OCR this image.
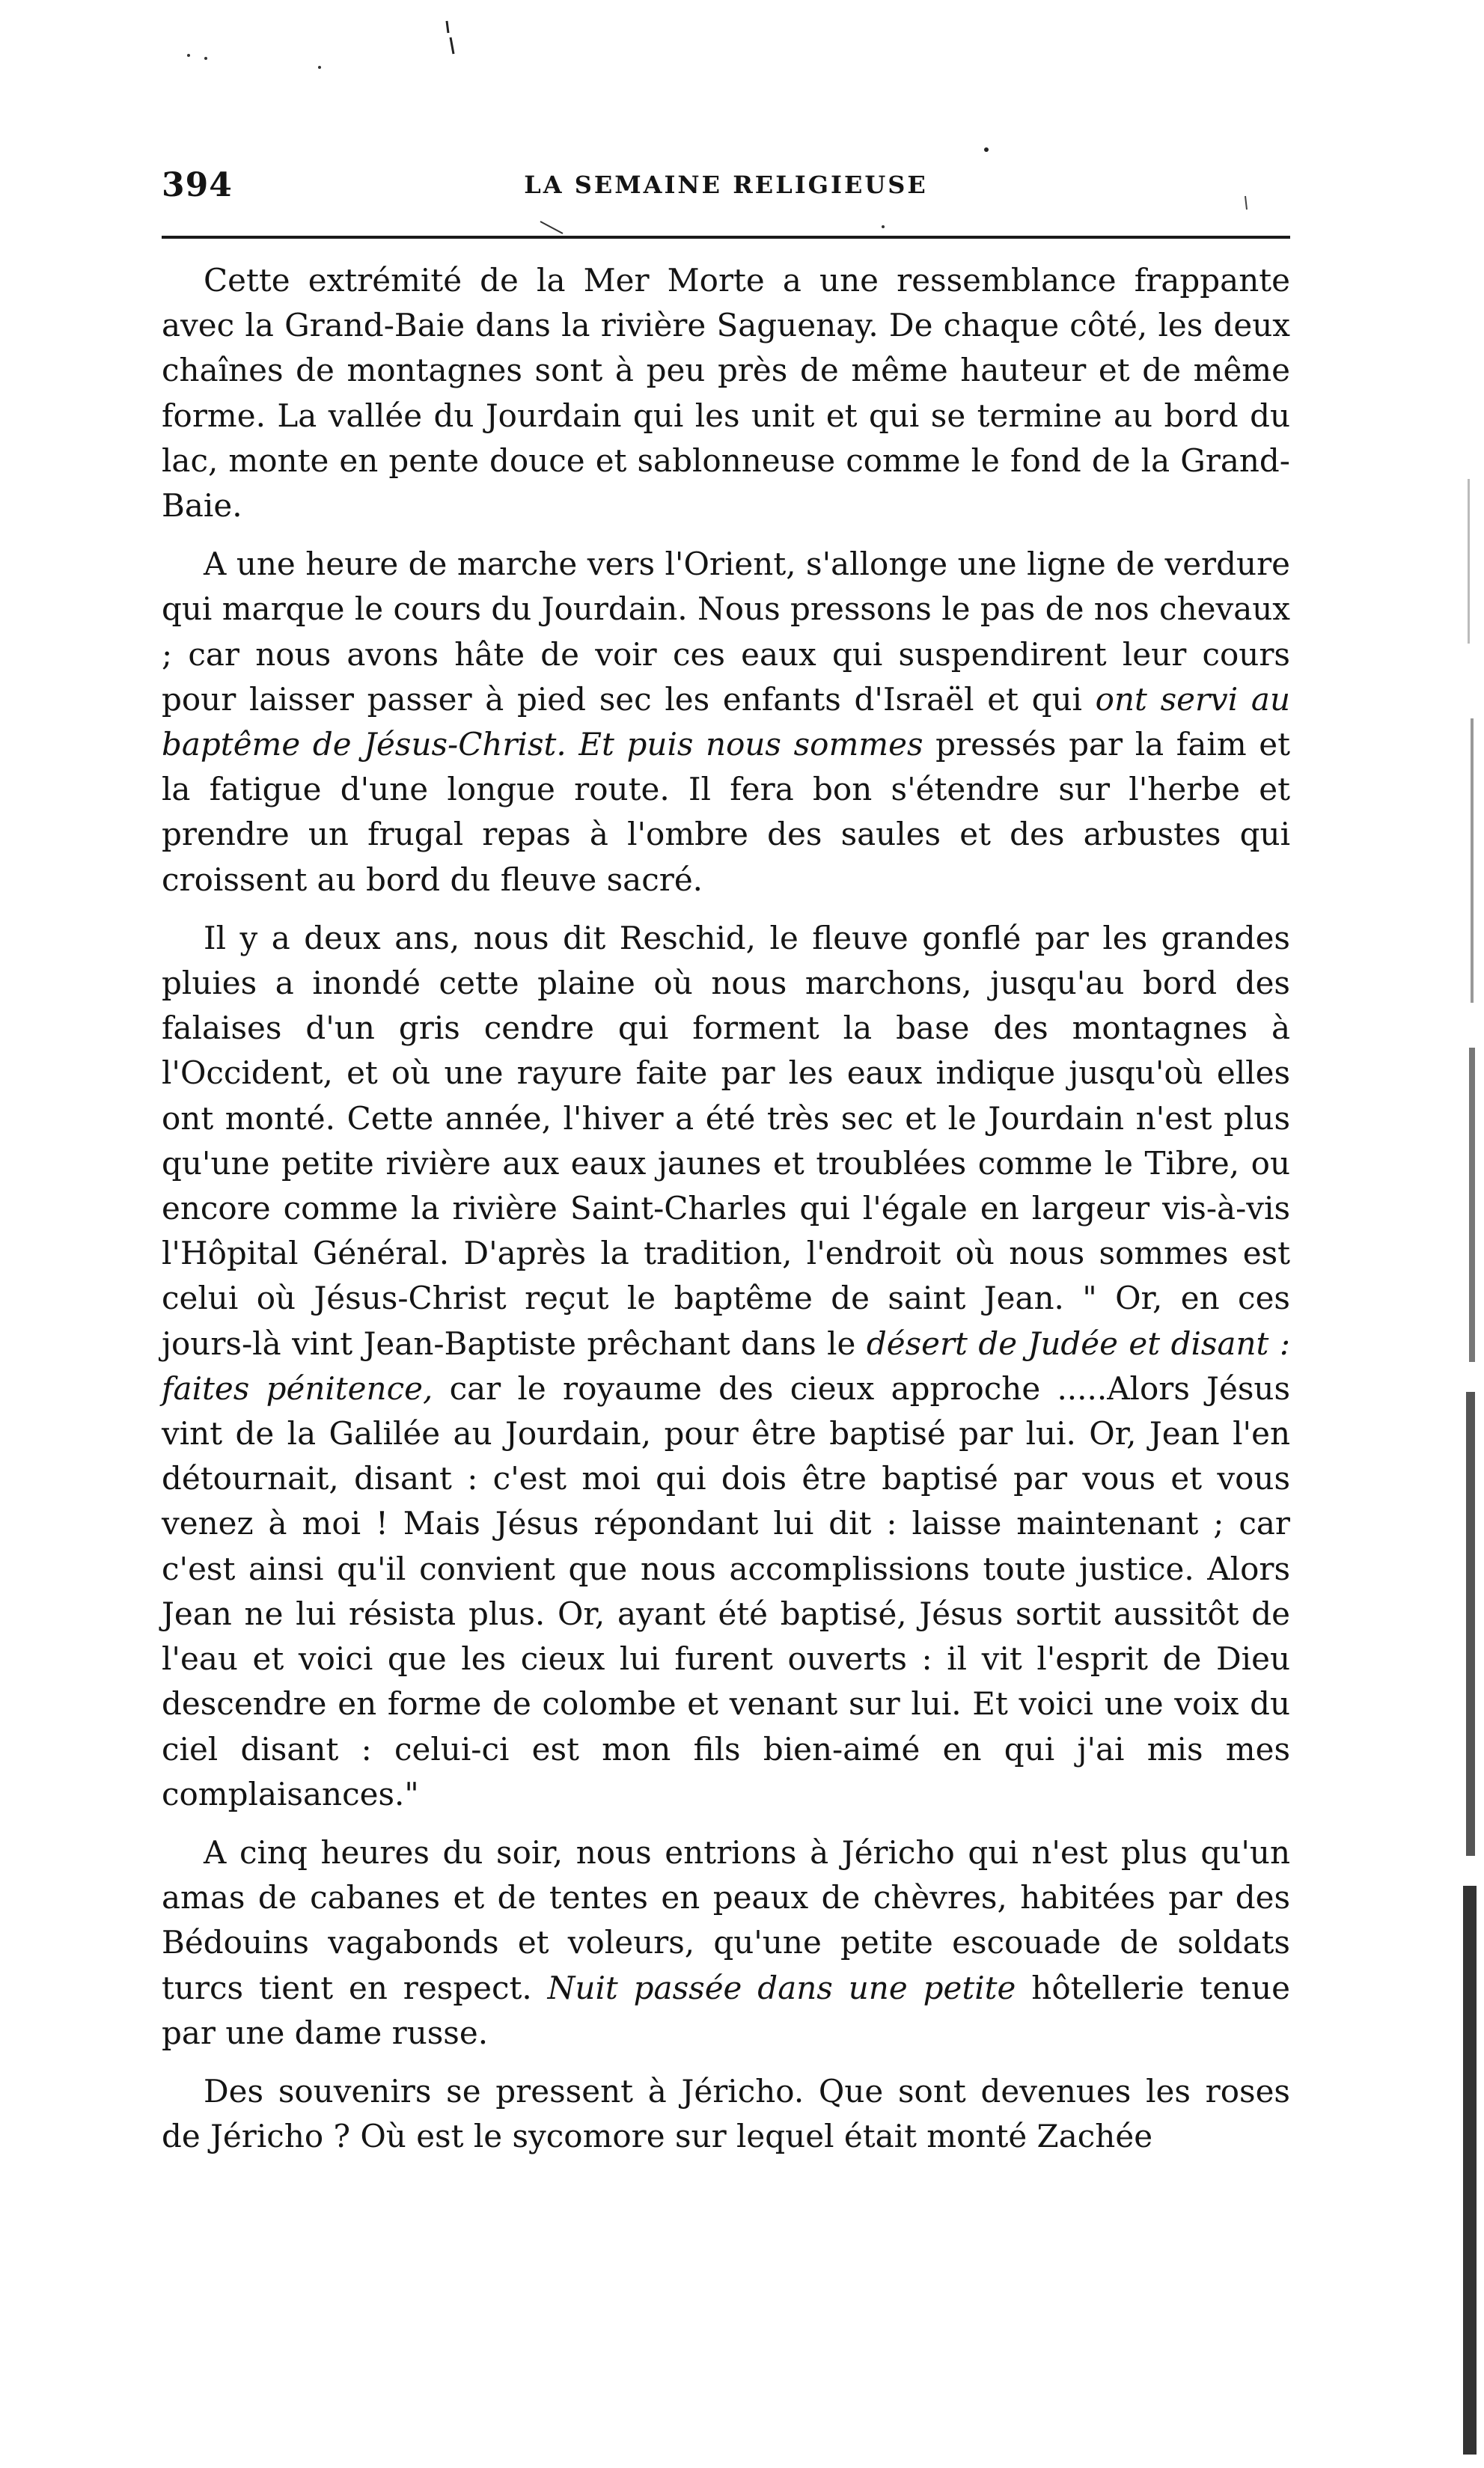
394	LA SEMAINE RELIGIEUSE

Cette extrémité de la Mer Morte a une ressemblance frappante avec la Grand-Baie dans la rivière Saguenay. De chaque côté, les deux chaînes de montagnes sont à peu près de même hauteur et de même forme. La vallée du Jourdain qui les unit et qui se termine au bord du lac, monte en pente douce et sablonneuse comme le fond de la Grand-Baie.

A une heure de marche vers l'Orient, s'allonge une ligne de verdure qui marque le cours du Jourdain. Nous pressons le pas de nos chevaux ; car nous avons hâte de voir ces eaux qui suspendirent leur cours pour laisser passer à pied sec les enfants d'Israël et qui ont servi au baptême de Jésus-Christ. Et puis nous sommes pressés par la faim et la fatigue d'une longue route. Il fera bon s'étendre sur l'herbe et prendre un frugal repas à l'ombre des saules et des arbustes qui croissent au bord du fleuve sacré.

Il y a deux ans, nous dit Reschid, le fleuve gonflé par les grandes pluies a inondé cette plaine où nous marchons, jusqu'au bord des falaises d'un gris cendre qui forment la base des montagnes à l'Occident, et où une rayure faite par les eaux indique jusqu'où elles ont monté. Cette année, l'hiver a été très sec et le Jourdain n'est plus qu'une petite rivière aux eaux jaunes et troublées comme le Tibre, ou encore comme la rivière Saint-Charles qui l'égale en largeur vis-à-vis l'Hôpital Général. D'après la tradition, l'endroit où nous sommes est celui où Jésus-Christ reçut le baptême de saint Jean. " Or, en ces jours-là vint Jean-Baptiste prêchant dans le désert de Judée et disant : faites pénitence, car le royaume des cieux approche .....Alors Jésus vint de la Galilée au Jourdain, pour être baptisé par lui. Or, Jean l'en détournait, disant : c'est moi qui dois être baptisé par vous et vous venez à moi ! Mais Jésus répondant lui dit : laisse maintenant ; car c'est ainsi qu'il convient que nous accomplissions toute justice. Alors Jean ne lui résista plus. Or, ayant été baptisé, Jésus sortit aussitôt de l'eau et voici que les cieux lui furent ouverts : il vit l'esprit de Dieu descendre en forme de colombe et venant sur lui. Et voici une voix du ciel disant : celui-ci est mon fils bien-aimé en qui j'ai mis mes complaisances."

A cinq heures du soir, nous entrions à Jéricho qui n'est plus qu'un amas de cabanes et de tentes en peaux de chèvres, habitées par des Bédouins vagabonds et voleurs, qu'une petite escouade de soldats turcs tient en respect. Nuit passée dans une petite hôtellerie tenue par une dame russe.

Des souvenirs se pressent à Jéricho. Que sont devenues les roses de Jéricho ? Où est le sycomore sur lequel était monté Zachée
